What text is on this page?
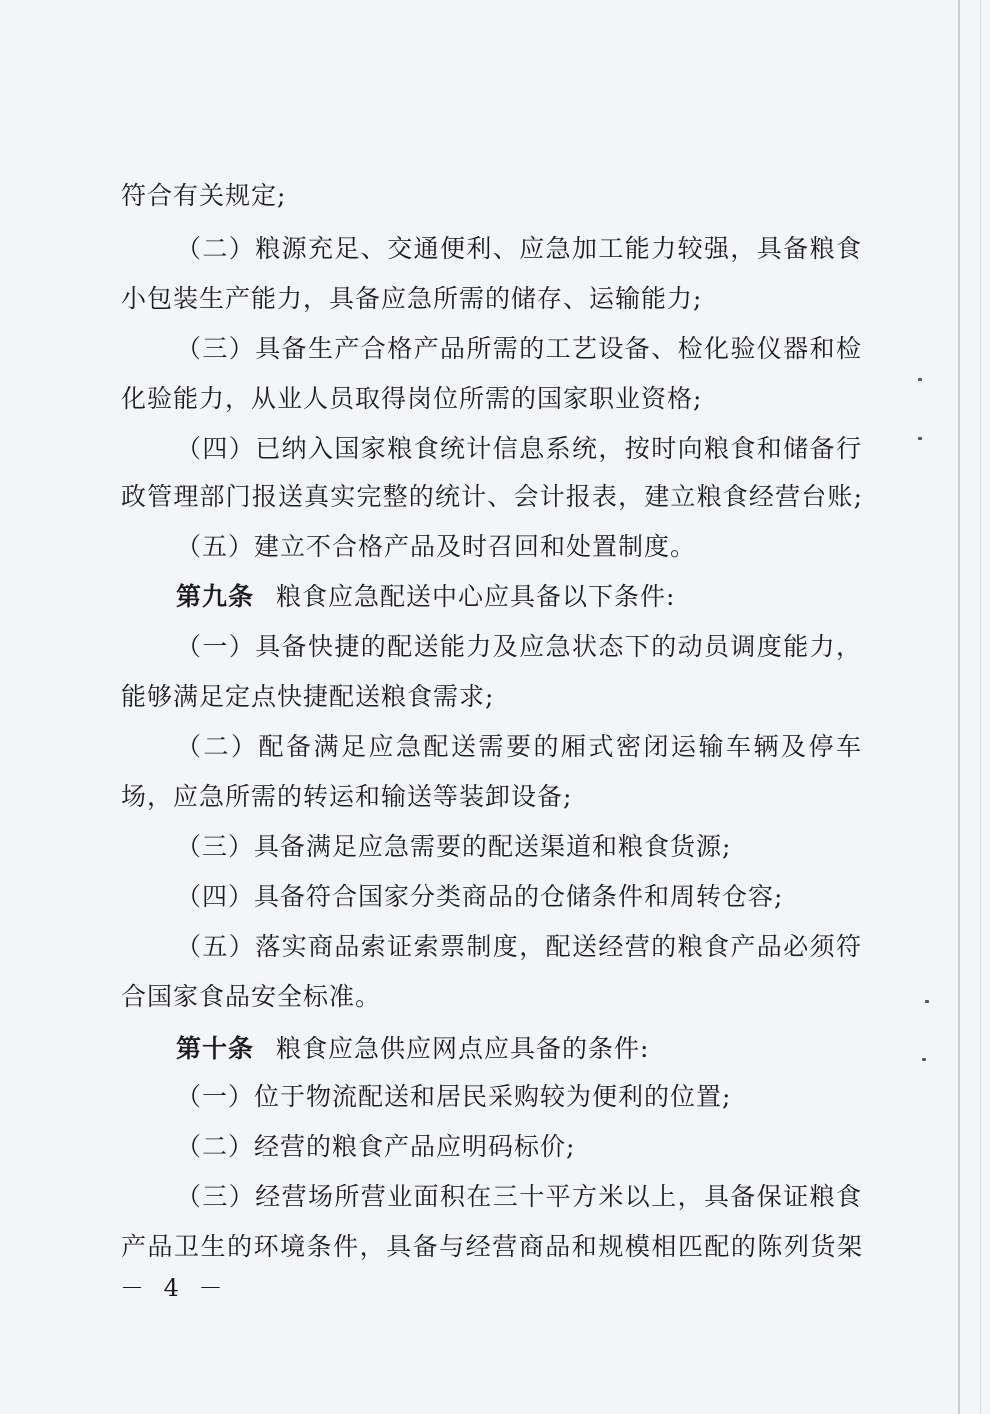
符合有关规定;
（二）粮源充足、交通便利、应急加工能力较强，具备粮食
小包装生产能力，具备应急所需的储存、运输能力;
（三）具备生产合格产品所需的工艺设备、检化验仪器和检
化验能力，从业人员取得岗位所需的国家职业资格;
（四）已纳入国家粮食统计信息系统，按时向粮食和储备行
政管理部门报送真实完整的统计、会计报表，建立粮食经营台账;
（五）建立不合格产品及时召回和处置制度。
第九条 粮食应急配送中心应具备以下条件:
（一）具备快捷的配送能力及应急状态下的动员调度能力，
能够满足定点快捷配送粮食需求;
（二）配备满足应急配送需要的厢式密闭运输车辆及停车
场，应急所需的转运和输送等装卸设备;
（三）具备满足应急需要的配送渠道和粮食货源;
（四）具备符合国家分类商品的仓储条件和周转仓容;
（五）落实商品索证索票制度，配送经营的粮食产品必须符
合国家食品安全标准。
第十条 粮食应急供应网点应具备的条件:
（一）位于物流配送和居民采购较为便利的位置;
（二）经营的粮食产品应明码标价;
（三）经营场所营业面积在三十平方米以上，具备保证粮食
产品卫生的环境条件，具备与经营商品和规模相匹配的陈列货架
－ 4 －
